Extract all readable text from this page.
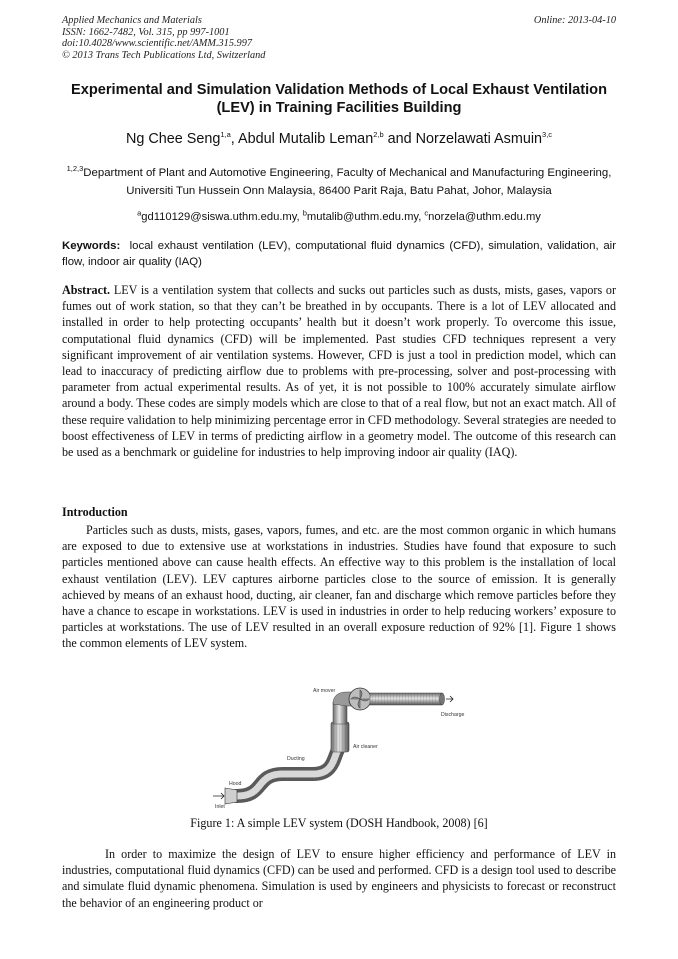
Applied Mechanics and Materials
ISSN: 1662-7482, Vol. 315, pp 997-1001
doi:10.4028/www.scientific.net/AMM.315.997
© 2013 Trans Tech Publications Ltd, Switzerland
Online: 2013-04-10
Experimental and Simulation Validation Methods of Local Exhaust Ventilation (LEV) in Training Facilities Building
Ng Chee Seng$^{1,a}$, Abdul Mutalib Leman$^{2,b}$ and Norzelawati Asmuin$^{3,c}$
$^{1,2,3}$Department of Plant and Automotive Engineering, Faculty of Mechanical and Manufacturing Engineering, Universiti Tun Hussein Onn Malaysia, 86400 Parit Raja, Batu Pahat, Johor, Malaysia
$^a$gd110129@siswa.uthm.edu.my, $^b$mutalib@uthm.edu.my, $^c$norzela@uthm.edu.my
Keywords: local exhaust ventilation (LEV), computational fluid dynamics (CFD), simulation, validation, air flow, indoor air quality (IAQ)
Abstract. LEV is a ventilation system that collects and sucks out particles such as dusts, mists, gases, vapors or fumes out of work station, so that they can’t be breathed in by occupants. There is a lot of LEV allocated and installed in order to help protecting occupants’ health but it doesn’t work properly. To overcome this issue, computational fluid dynamics (CFD) will be implemented. Past studies CFD techniques represent a very significant improvement of air ventilation systems. However, CFD is just a tool in prediction model, which can lead to inaccuracy of predicting airflow due to problems with pre-processing, solver and post-processing with parameter from actual experimental results. As of yet, it is not possible to 100% accurately simulate airflow around a body. These codes are simply models which are close to that of a real flow, but not an exact match. All of these require validation to help minimizing percentage error in CFD methodology. Several strategies are needed to boost effectiveness of LEV in terms of predicting airflow in a geometry model. The outcome of this research can be used as a benchmark or guideline for industries to help improving indoor air quality (IAQ).
Introduction
Particles such as dusts, mists, gases, vapors, fumes, and etc. are the most common organic in which humans are exposed to due to extensive use at workstations in industries. Studies have found that exposure to such particles mentioned above can cause health effects. An effective way to this problem is the installation of local exhaust ventilation (LEV). LEV captures airborne particles close to the source of emission. It is generally achieved by means of an exhaust hood, ducting, air cleaner, fan and discharge which remove particles before they have a chance to escape in workstations. LEV is used in industries in order to help reducing workers’ exposure to particles at workstations. The use of LEV resulted in an overall exposure reduction of 92% [1]. Figure 1 shows the common elements of LEV system.
Air mover
Discharge
Air cleaner
Ducting
Hood
Inlet
Figure 1: A simple LEV system (DOSH Handbook, 2008) [6]
In order to maximize the design of LEV to ensure higher efficiency and performance of LEV in industries, computational fluid dynamics (CFD) can be used and performed. CFD is a design tool used to describe and simulate fluid dynamic phenomena. Simulation is used by engineers and physicists to forecast or reconstruct the behavior of an engineering product or
